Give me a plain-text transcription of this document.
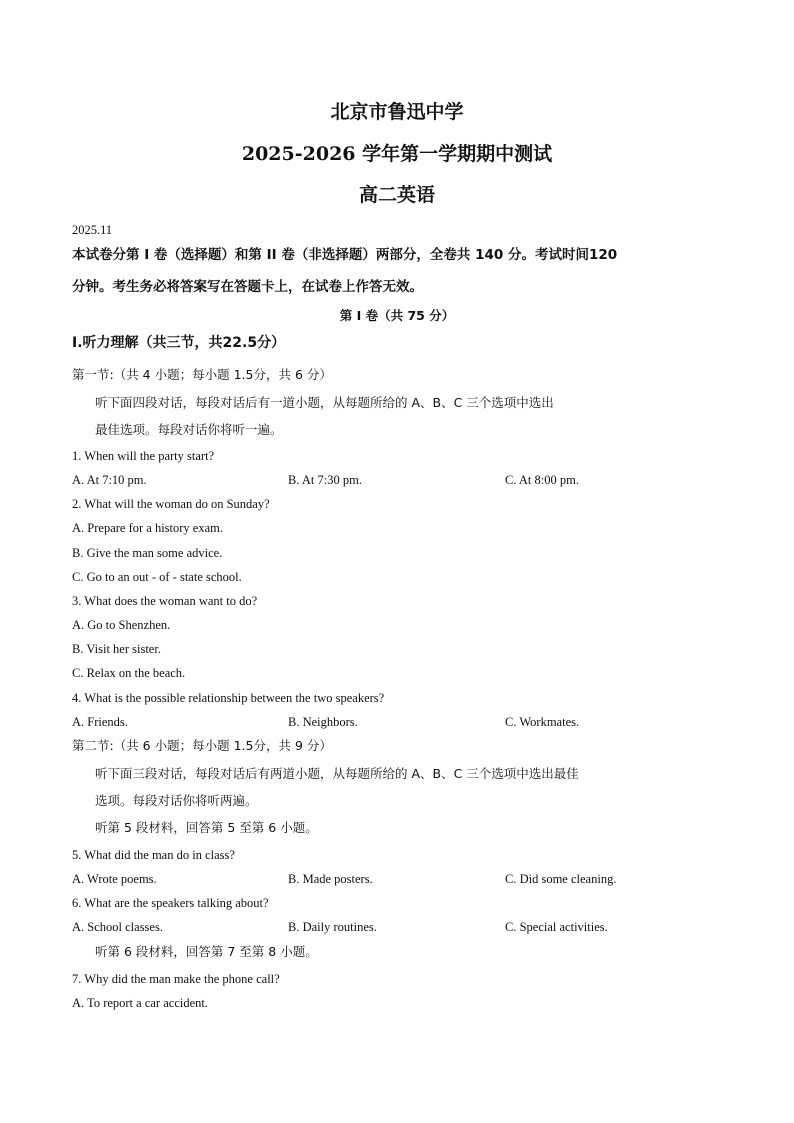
北京市鲁迅中学
2025-2026 学年第一学期期中测试
高二英语
2025.11
本试卷分第 I 卷（选择题）和第 II 卷（非选择题）两部分，全卷共 140 分。考试时间120
分钟。考生务必将答案写在答题卡上，在试卷上作答无效。
第 I 卷（共 75 分）
Ⅰ.听力理解（共三节，共22.5分）
第一节:（共 4 小题；每小题 1.5分，共 6 分）
听下面四段对话，每段对话后有一道小题，从每题所给的 A、B、C 三个选项中选出
最佳选项。每段对话你将听一遍。
1. When will the party start?
A. At 7:10 pm.	B. At 7:30 pm.	C. At 8:00 pm.
2. What will the woman do on Sunday?
A. Prepare for a history exam.
B. Give the man some advice.
C. Go to an out - of - state school.
3. What does the woman want to do?
A. Go to Shenzhen.
B. Visit her sister.
C. Relax on the beach.
4. What is the possible relationship between the two speakers?
A. Friends.	B. Neighbors.	C. Workmates.
第二节:（共 6 小题；每小题 1.5分，共 9 分）
听下面三段对话，每段对话后有两道小题，从每题所给的 A、B、C 三个选项中选出最佳
选项。每段对话你将听两遍。
听第 5 段材料，回答第 5 至第 6 小题。
5. What did the man do in class?
A. Wrote poems.	B. Made posters.	C. Did some cleaning.
6. What are the speakers talking about?
A. School classes.	B. Daily routines.	C. Special activities.
听第 6 段材料，回答第 7 至第 8 小题。
7. Why did the man make the phone call?
A. To report a car accident.
